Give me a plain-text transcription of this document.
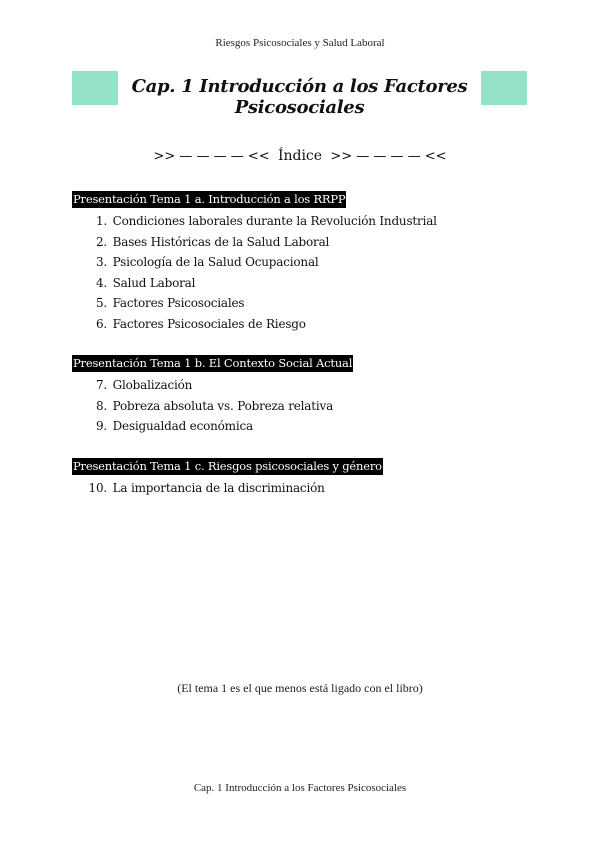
Riesgos Psicosociales y Salud Laboral
Cap. 1 Introducción a los Factores Psicosociales
>> — — — — << Índice >> — — — — <<
Presentación Tema 1 a. Introducción a los RRPP
1. Condiciones laborales durante la Revolución Industrial
2. Bases Históricas de la Salud Laboral
3. Psicología de la Salud Ocupacional
4. Salud Laboral
5. Factores Psicosociales
6. Factores Psicosociales de Riesgo
Presentación Tema 1 b. El Contexto Social Actual
7. Globalización
8. Pobreza absoluta vs. Pobreza relativa
9. Desigualdad económica
Presentación Tema 1 c. Riesgos psicosociales y género
10. La importancia de la discriminación
(El tema 1 es el que menos está ligado con el libro)
Cap. 1 Introducción a los Factores Psicosociales
